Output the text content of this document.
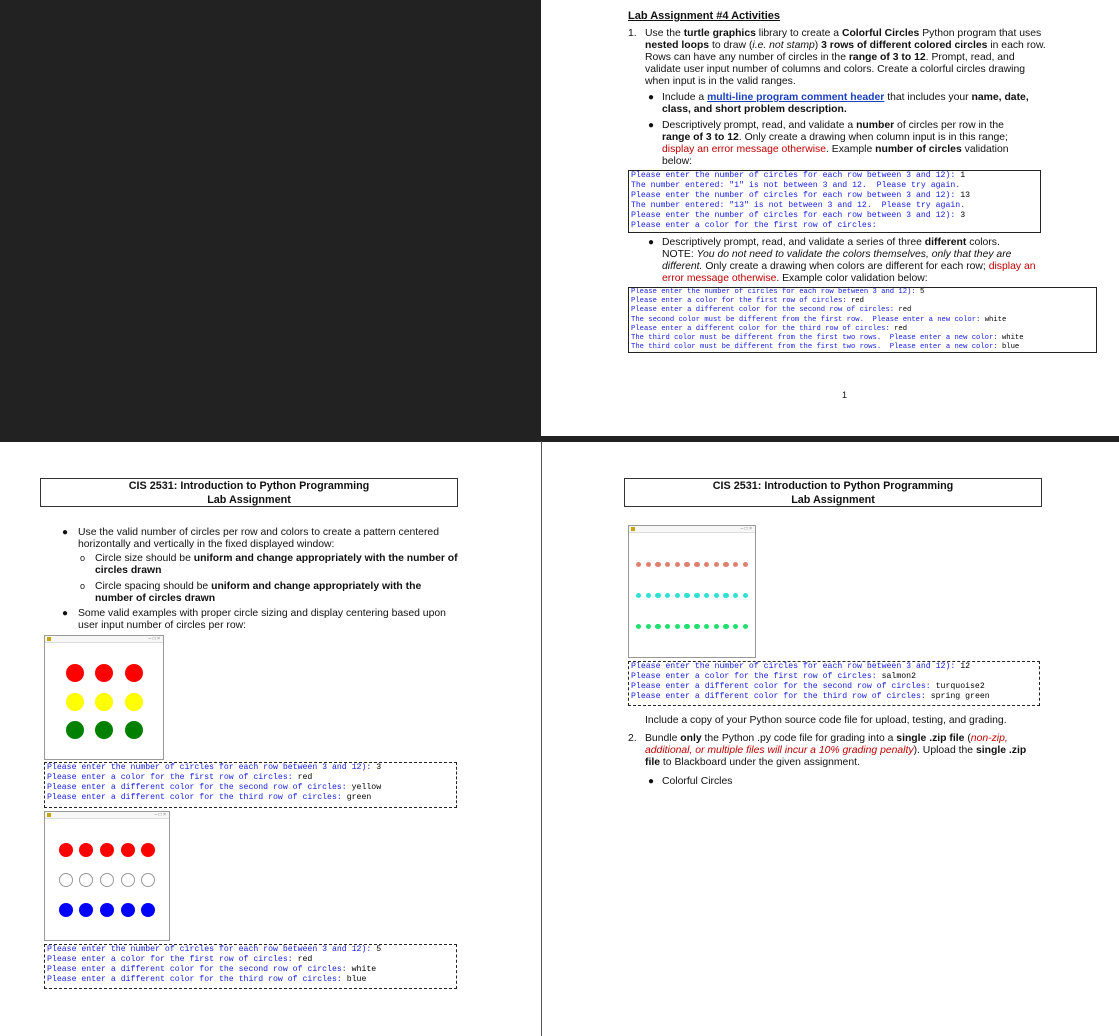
Lab Assignment #4 Activities
1. Use the turtle graphics library to create a Colorful Circles Python program that uses nested loops to draw (i.e. not stamp) 3 rows of different colored circles in each row. Rows can have any number of circles in the range of 3 to 12. Prompt, read, and validate user input number of columns and colors. Create a colorful circles drawing when input is in the valid ranges.
● Include a multi-line program comment header that includes your name, date, class, and short problem description.
● Descriptively prompt, read, and validate a number of circles per row in the range of 3 to 12. Only create a drawing when column input is in this range; display an error message otherwise. Example number of circles validation below:
Please enter the number of circles for each row between 3 and 12): 1
The number entered: "1" is not between 3 and 12.  Please try again.
Please enter the number of circles for each row between 3 and 12): 13
The number entered: "13" is not between 3 and 12.  Please try again.
Please enter the number of circles for each row between 3 and 12): 3
Please enter a color for the first row of circles:
● Descriptively prompt, read, and validate a series of three different colors.
NOTE: You do not need to validate the colors themselves, only that they are different. Only create a drawing when colors are different for each row; display an error message otherwise. Example color validation below:
Please enter the number of circles for each row between 3 and 12): 5
Please enter a color for the first row of circles: red
Please enter a different color for the second row of circles: red
The second color must be different from the first row.  Please enter a new color: white
Please enter a different color for the third row of circles: red
The third color must be different from the first two rows.  Please enter a new color: white
The third color must be different from the first two rows.  Please enter a new color: blue
1
CIS 2531: Introduction to Python Programming
Lab Assignment
● Use the valid number of circles per row and colors to create a pattern centered horizontally and vertically in the fixed displayed window:
o Circle size should be uniform and change appropriately with the number of circles drawn
o Circle spacing should be uniform and change appropriately with the number of circles drawn
● Some valid examples with proper circle sizing and display centering based upon user input number of circles per row:
– □ ×
Please enter the number of circles for each row between 3 and 12): 3
Please enter a color for the first row of circles: red
Please enter a different color for the second row of circles: yellow
Please enter a different color for the third row of circles: green
– □ ×
Please enter the number of circles for each row between 3 and 12): 5
Please enter a color for the first row of circles: red
Please enter a different color for the second row of circles: white
Please enter a different color for the third row of circles: blue
CIS 2531: Introduction to Python Programming
Lab Assignment
– □ ×
Please enter the number of circles for each row between 3 and 12): 12
Please enter a color for the first row of circles: salmon2
Please enter a different color for the second row of circles: turquoise2
Please enter a different color for the third row of circles: spring green
Include a copy of your Python source code file for upload, testing, and grading.
2. Bundle only the Python .py code file for grading into a single .zip file (non-zip, additional, or multiple files will incur a 10% grading penalty). Upload the single .zip file to Blackboard under the given assignment.
● Colorful Circles
